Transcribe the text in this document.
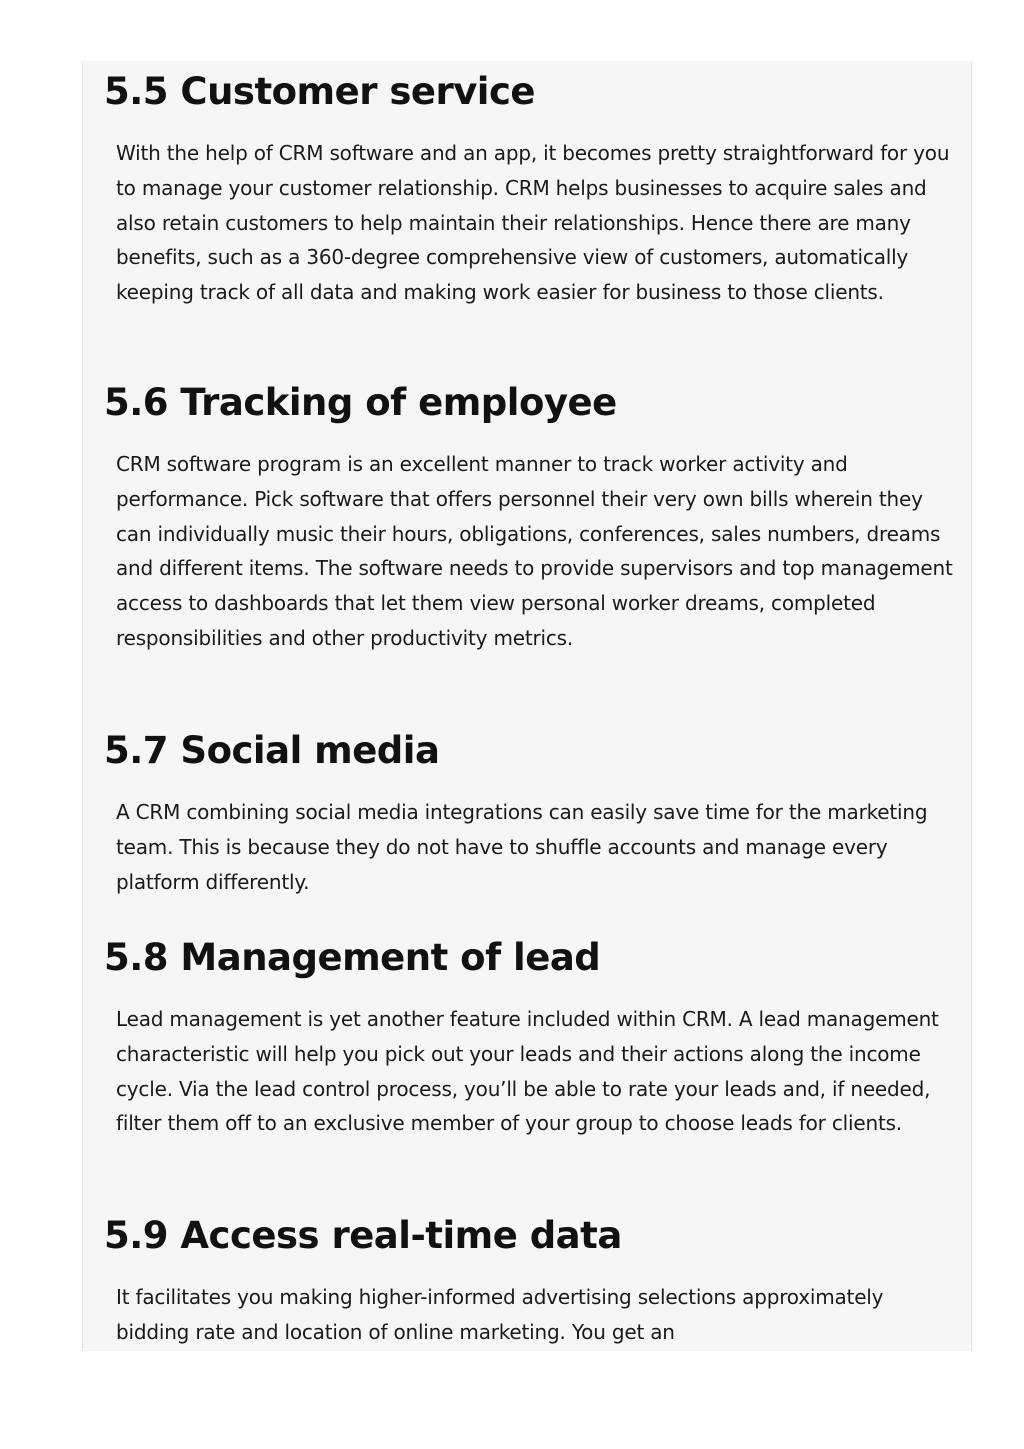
5.5 Customer service

With the help of CRM software and an app, it becomes pretty straightforward for you to manage your customer relationship. CRM helps businesses to acquire sales and also retain customers to help maintain their relationships. Hence there are many benefits, such as a 360-degree comprehensive view of customers, automatically keeping track of all data and making work easier for business to those clients.

5.6 Tracking of employee

CRM software program is an excellent manner to track worker activity and performance. Pick software that offers personnel their very own bills wherein they can individually music their hours, obligations, conferences, sales numbers, dreams and different items. The software needs to provide supervisors and top management access to dashboards that let them view personal worker dreams, completed responsibilities and other productivity metrics.

5.7 Social media

A CRM combining social media integrations can easily save time for the marketing team. This is because they do not have to shuffle accounts and manage every platform differently.

5.8 Management of lead

Lead management is yet another feature included within CRM. A lead management characteristic will help you pick out your leads and their actions along the income cycle. Via the lead control process, you’ll be able to rate your leads and, if needed, filter them off to an exclusive member of your group to choose leads for clients.

5.9 Access real-time data

It facilitates you making higher-informed advertising selections approximately bidding rate and location of online marketing. You get an
